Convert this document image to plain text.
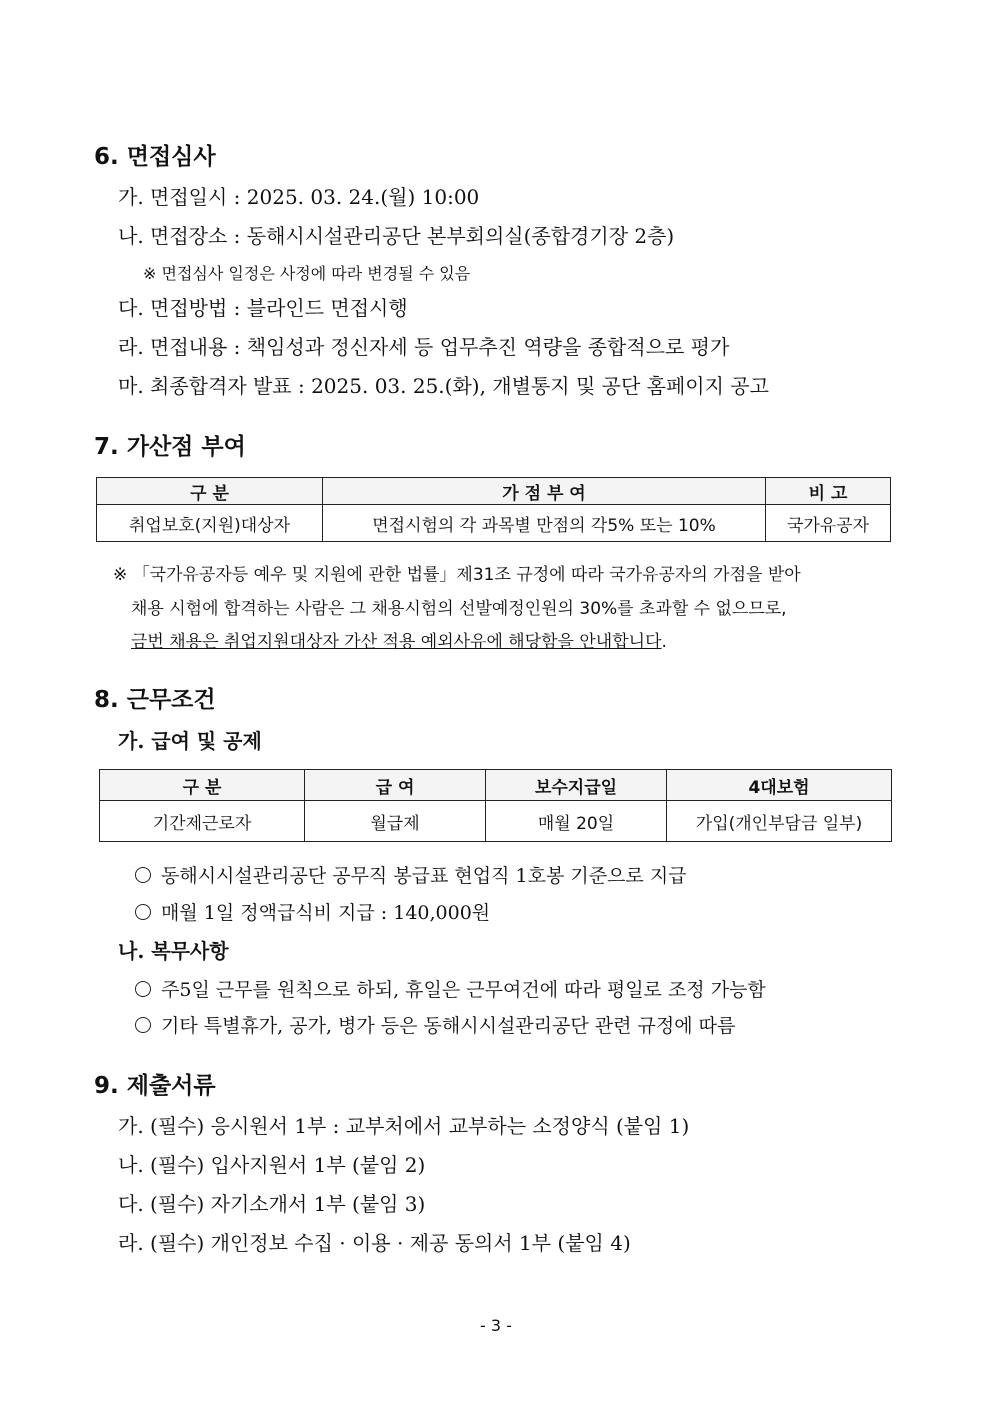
6. 면접심사
가. 면접일시 : 2025. 03. 24.(월) 10:00
나. 면접장소 : 동해시시설관리공단 본부회의실(종합경기장 2층)
※ 면접심사 일정은 사정에 따라 변경될 수 있음
다. 면접방법 : 블라인드 면접시행
라. 면접내용 : 책임성과 정신자세 등 업무추진 역량을 종합적으로 평가
마. 최종합격자 발표 : 2025. 03. 25.(화), 개별통지 및 공단 홈페이지 공고
7. 가산점 부여
구 분	가 점 부 여	비 고
취업보호(지원)대상자	면접시험의 각 과목별 만점의 각5% 또는 10%	국가유공자
※ 「국가유공자등 예우 및 지원에 관한 법률」제31조 규정에 따라 국가유공자의 가점을 받아
채용 시험에 합격하는 사람은 그 채용시험의 선발예정인원의 30%를 초과할 수 없으므로,
금번 채용은 취업지원대상자 가산 적용 예외사유에 해당함을 안내합니다.
8. 근무조건
가. 급여 및 공제
구 분	급 여	보수지급일	4대보험
기간제근로자	월급제	매월 20일	가입(개인부담금 일부)
동해시시설관리공단 공무직 봉급표 현업직 1호봉 기준으로 지급
매월 1일 정액급식비 지급 : 140,000원
나. 복무사항
주5일 근무를 원칙으로 하되, 휴일은 근무여건에 따라 평일로 조정 가능함
기타 특별휴가, 공가, 병가 등은 동해시시설관리공단 관련 규정에 따름
9. 제출서류
가. (필수) 응시원서 1부 : 교부처에서 교부하는 소정양식 (붙임 1)
나. (필수) 입사지원서 1부 (붙임 2)
다. (필수) 자기소개서 1부 (붙임 3)
라. (필수) 개인정보 수집 · 이용 · 제공 동의서 1부 (붙임 4)
- 3 -
